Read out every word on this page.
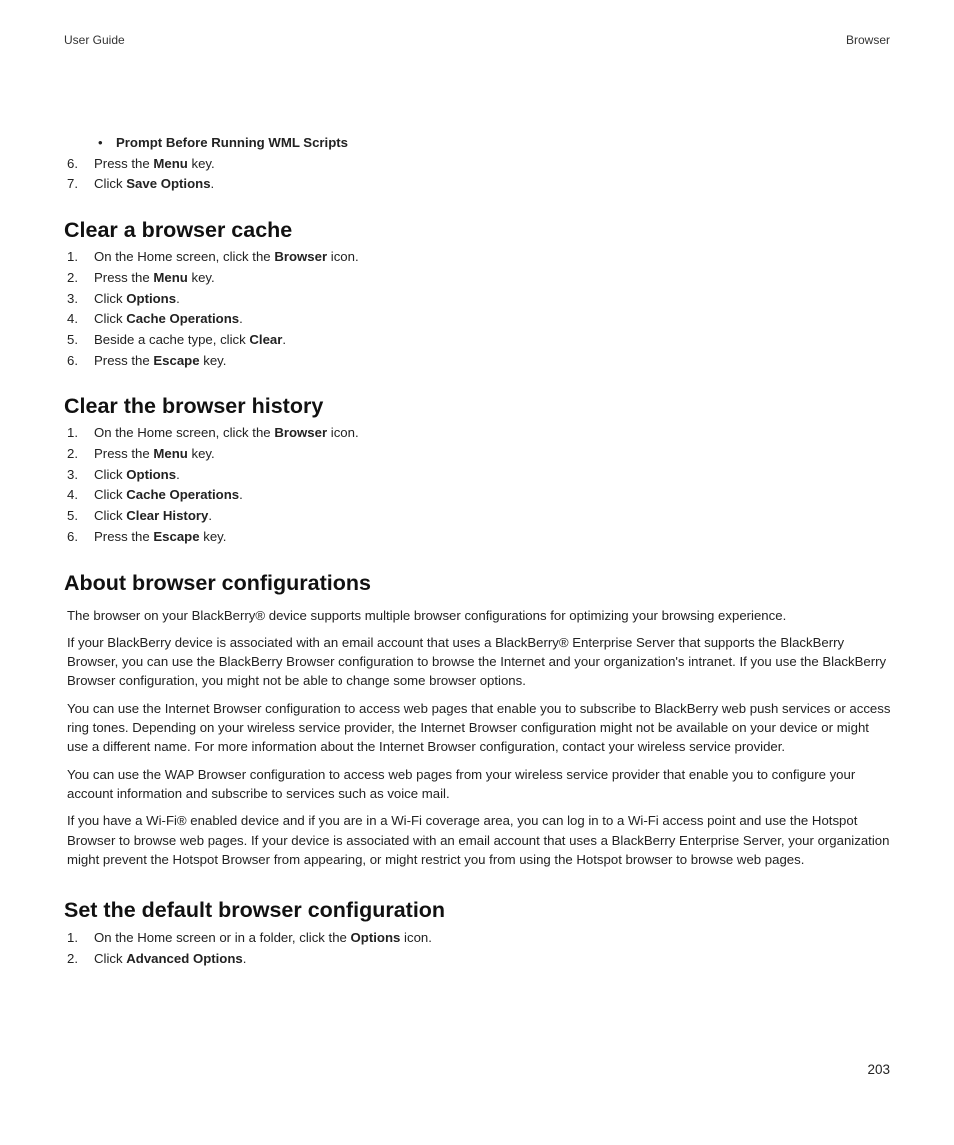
User Guide	Browser
• Prompt Before Running WML Scripts
6. Press the Menu key.
7. Click Save Options.
Clear a browser cache
1. On the Home screen, click the Browser icon.
2. Press the Menu key.
3. Click Options.
4. Click Cache Operations.
5. Beside a cache type, click Clear.
6. Press the Escape key.
Clear the browser history
1. On the Home screen, click the Browser icon.
2. Press the Menu key.
3. Click Options.
4. Click Cache Operations.
5. Click Clear History.
6. Press the Escape key.
About browser configurations

The browser on your BlackBerry® device supports multiple browser configurations for optimizing your browsing experience.

If your BlackBerry device is associated with an email account that uses a BlackBerry® Enterprise Server that supports the BlackBerry Browser, you can use the BlackBerry Browser configuration to browse the Internet and your organization's intranet. If you use the BlackBerry Browser configuration, you might not be able to change some browser options.

You can use the Internet Browser configuration to access web pages that enable you to subscribe to BlackBerry web push services or access ring tones. Depending on your wireless service provider, the Internet Browser configuration might not be available on your device or might use a different name. For more information about the Internet Browser configuration, contact your wireless service provider.

You can use the WAP Browser configuration to access web pages from your wireless service provider that enable you to configure your account information and subscribe to services such as voice mail.

If you have a Wi-Fi® enabled device and if you are in a Wi-Fi coverage area, you can log in to a Wi-Fi access point and use the Hotspot Browser to browse web pages. If your device is associated with an email account that uses a BlackBerry Enterprise Server, your organization might prevent the Hotspot Browser from appearing, or might restrict you from using the Hotspot browser to browse web pages.

Set the default browser configuration
1. On the Home screen or in a folder, click the Options icon.
2. Click Advanced Options.
203
